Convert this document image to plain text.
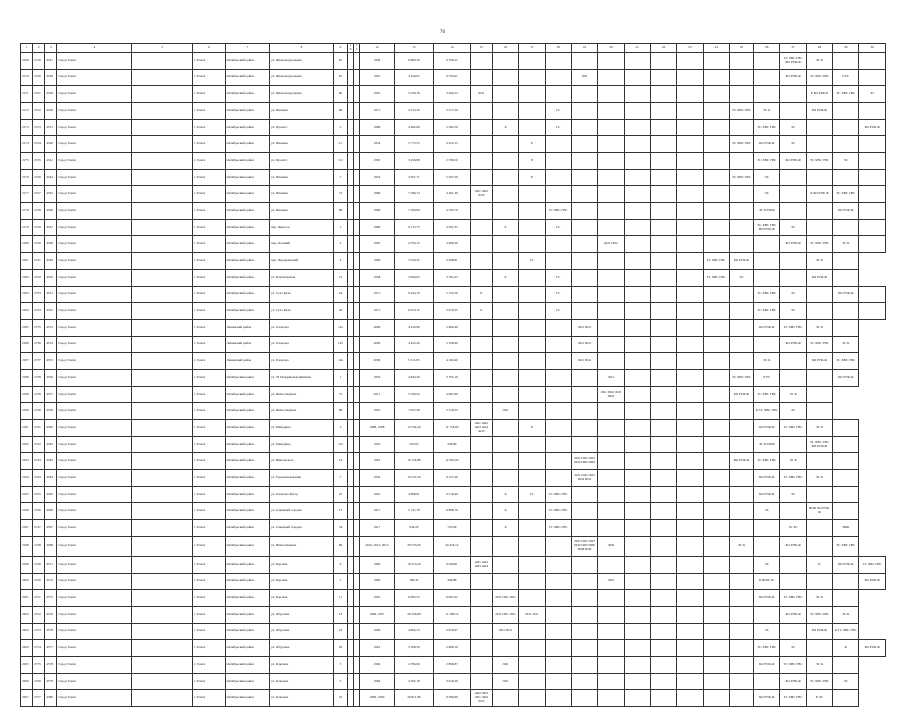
76
1	2	3	4	5	6	7	8	9	10	11	12	13	14	15	16	17	18	19	20	21	22	23	24	25	26	27	28	29	30
2169	2719	4527	Город Томск		г. Томск	Октябрьский район	ул. Железнодорожная	65			1939	6 869,56	6 760,25													ТС ХВС ГВС ВО РУФ-Ф	ЭС К		
2170	2720	4528	Город Томск		г. Томск	Октябрьский район	ул. Железнодорожная	65			1955	3 426,67	4 793,67					ЛО1								БО РУФ-Ф	ТС ХВС ГВС	Е РС	
2171	2721	4529	Город Томск		г. Томск	Октябрьский район	ул. Железнодорожная	60			1905	5 258,16	3 264,24	ЛО1													Е БО РУФ-Б	ТС ХВС ГВС	ЭС
2172	2722	4530	Город Томск		г. Томск	Октябрьский район	ул. Пиценко	60			1971	4 515,29	5 517,20				ГС							ТС ХВС ГВС	ЭС К		БО РУФ-Ф		
2173	2723	4531	Город Томск		г. Томск	Октябрьский район	ул. Пролёсс	5			1968	4 482,60	5 584,50		Х		ГС								ТС ХВС ГВС	ЭС			БО РУФ-Ф
2174	2724	4540	Город Томск		г. Томск	Октябрьский район	ул. Пиценко	5.1			1954	5 775,55	4 452,15			Е								ТС ХВС ГВС	БО РУФ-Ф	ЭС			
2175	2725	4541	Город Томск		г. Томск	Октябрьский район	ул. Пролёсс	5/2			1981	3 456,80	2 768,50			Е									ТС ХВС ГВС	БО РУФ-Ф	ТС ХВС ГВС	ЭС	
2176	2726	4544	Город Томск		г. Томск	Октябрьский район	ул. Пиценко	7			1954	4 567,71	5 297,50			Е								ТС ХВС ГВС	ЭС				
2177	2727	4545	Город Томск		г. Томск	Октябрьский район	ул. Пиценко	72			1980	7 286,74	4 491,30	ЛО1 ЛО2 ЛО3											ЭС		К БО РУФ Ф	ТС ХВС ГВС	
2178	2728	4546	Город Томск		г. Томск	Октябрьский район	ул. Пиценко	86			1999	1 500,09	4 795,70				ГС ХВС ГВС								ЭС К НОФ			БО РУФ-Ф	
2179	2729	4547	Город Томск		г. Томск	Октябрьский район	пер. Пирогов	1			1969	6 515,75	4 591,35		Е		ГС								ТС ХВС ГВС ВО РУФ-Ф	ЭС			
2180	2730	4548	Город Томск		г. Томск	Октябрьский район	пер. Осенний	2			1965	4 703,12	3 668,20						ДО1 ПО2							БО РУФ-Ф	ТС ХВС ГВС	ЭС К	
2181	2731	4549	Город Томск		г. Томск	Октябрьский район	пер. Передряжский	3			1966	5 556,45	3 498,81			ГС							ТС ХВС ГВС	БО РУФ-Ф			ЭС К		
2182	2732	4550	Город Томск		г. Томск	Октябрьский район	ул. Партизанская	21			1958	3 094,05	3 701,63		Е		ГС						ТС ХВС ГВС	ЭС			БО РУФ-Ф		
2183	2733	4551	Город Томск		г. Томск	Октябрьский район	ул. Сухо Кузи	24			1971	6 454,10	5 155,50	Х			ГС								ТС ХВС ГВС	ЭС		БО РУФ-Ф	
2184	2734	4552	Город Томск		г. Томск	Октябрьский район	ул. Сухо Кузи	26			1971	6 972,15	5 070,55	Х			ГС								ТС ХВС ГВС	ЭС			
2185	2735	4553	Город Томск		г. Томск	Ленинский район	ул. Говорова	12а			2006	4 616,90	5 669,40					ЛО1 ПО1							БО РУФ-Ф	ТС ХВС ГВС	ЭС К		
2186	2736	4554	Город Томск		г. Томск	Ленинский район	ул. Говорова	12б			2006	4 425,20	5 328,99					ЛО1 ПО1								БО РУФ-Ф	ТС ХВС ГВС	ЭС К	
2187	2737	4555	Город Томск		г. Томск	Ленинский район	ул. Говорова	12в			2006	5 311,85	4 169,40					ЛО1 ПО1							ЭС К		БО РУФ-Ф	ТС ХВС ГВС	
2188	2738	4556	Город Томск		г. Томск	Октябрьский район	ул. 79 Гвардейской Дивизии	1			1959	4 844,29	3 795,10						ЛО1					ТС ХВС ГВС	Е РС			БО РУФ-Ф	
2189	2739	4557	Город Томск		г. Томск	Октябрьский район	ул. Ивана Черных	75			2011	5 320,43	4 667,80						ЛО1 ПО2 ЛО3 ПО4					БО РУФ-Ф	ТС ХВС ГВС	ЭС К			
2190	2740	4558	Город Томск		г. Томск	Октябрьский район	ул. Ивана Черных	86			1991	7 027,58	5 519,53		ЛО1										К ТС ХВС ГВС	ЭС			
2191	2741	4560	Город Томск		г. Томск	Октябрьский район	ул. Мичурина	3			1988, 1998	14 794,20	11 718,00	АО1 АО2 АО3 АО4 АО5		Е									БО РУФ-Ф	ТС ХВС ГВС	ЭС К		
2192	2742	4562	Город Томск		г. Томск	Октябрьский район	ул. Мичурина	15а			1950	270,95	236,99												ЭС К НОФ		ТС ХВС ГВС ВО РУФ-Ф		
2193	2743	4563	Город Томск		г. Томск	Октябрьский район	ул. Никольского	14			1981	16 154,88	12 265,00					ЛО1 ПО2 ЛО3 ПО4 ПО5 ПО6						ВО РУФ-Ф	ТС ХВС ГВС	ЭС К			
2194	2744	4564	Город Томск		г. Томск	Октябрьский район	ул. Трудовая-верхняя	7			1959	10 537,20	9 127,20					ЛО1 ПО2 ЛО3 ПО4 ПО5							БО РУФ-Ф	ТС ХВС ГВС	ЭС К		
2195	2745	4565	Город Томск		г. Томск	Октябрьский район	ул. Говорова-Бугор	10			1981	4 868,01	4 519,40		Х	ГС	ТС ХВС ГВС								БО РУФ-Ф	ЭС			
2196	2746	4566	Город Томск		г. Томск	Октябрьский район	ул. Северный городок	13			1917	5 131,78	6 898,76		Х		ТС ХВС ГВС								ЭС		НОК ЛО РУФ-Ф		
2197	2747	4567	Город Томск		г. Томск	Октябрьский район	ул. Северный городок	34			1917	934,20	723,99		Х		ТС ХВС ГВС									ЭС РС		НОБ	
2198	2748	4568	Город Томск		г. Томск	Октябрьский район	ул. Ивана Черных	69			2010, 2012, 2015	36 553,00	34 218,14					ЛО1 ПО2 ЛО3 ПО4 ПО5 ПО6 ПО8 ПО9	ЛО9					ЭС К		БО РУФ-Ф		ТС ХВС ГВС	
2199	2749	4571	Город Томск		г. Томск	Октябрьский район	ул. Боровая	6			1960	10 513,20	9 046,81	АО1 АО2 АО3 АО4											ЭС		К	БО РУФ-Ф	ТС ХВС ГВС
2200	2750	4572	Город Томск		г. Томск	Октябрьский район	ул. Боровая	7			1960	396,45	436,88						ЛО2						К НОФ ЭС				БО РУФ-Ф
2201	2751	4575	Город Томск		г. Томск	Октябрьский район	ул. Боровая	11			1995	6 085,25	6 901,62		ЛО1 ПО1 ЛО2										БО РУФ-Ф	ТС ХВС ГВС	ЭС К		
2202	2752	4576	Город Томск		г. Томск	Октябрьский район	ул. Обручева	14			1996, 1997	26 256,80	11 598,10		ЛО1 ПО1 ЛО1	ЛО1 ЛО1										БО РУФ-Ф	ТС ХВС ГВС	ЭС К	
2203	2753	4578	Город Томск		г. Томск	Октябрьский район	ул. Обручева	16			1994	4 864,72	2 976,97		ЛО1 ПО1										ЭС		БО РУФ-Ф	К ТС ХВС ГВС	
2204	2754	4577	Город Томск		г. Томск	Октябрьский район	ул. Обручева	26			1991	5 208,59	2 668,10												ТС ХВС ГВС	ЭС		К	БО РУФ-Ф
2205	2755	4578	Город Томск		г. Томск	Октябрьский район	ул. Ключева	3			1994	4 784,00	2 809,87		ЛО1										БО РУФ-Ф	ТС ХВС ГВС	ЭС К		
2206	2756	4579	Город Томск		г. Томск	Октябрьский район	ул. Ключева	5			1994	4 565,18	3 916,20		ЛО1											БО РУФ-Ф	ТС ХВС ГВС	ЭС	
2207	2757	4580	Город Томск		г. Томск	Октябрьский район	ул. Ключева	10			1999, 1990	20 811,08	9 586,90	АО2 ЛО3 ЛО1 ЛО4 ЛО5											БО РУФ-Ф	ТС ХВС ГВС	Е ЭС		
